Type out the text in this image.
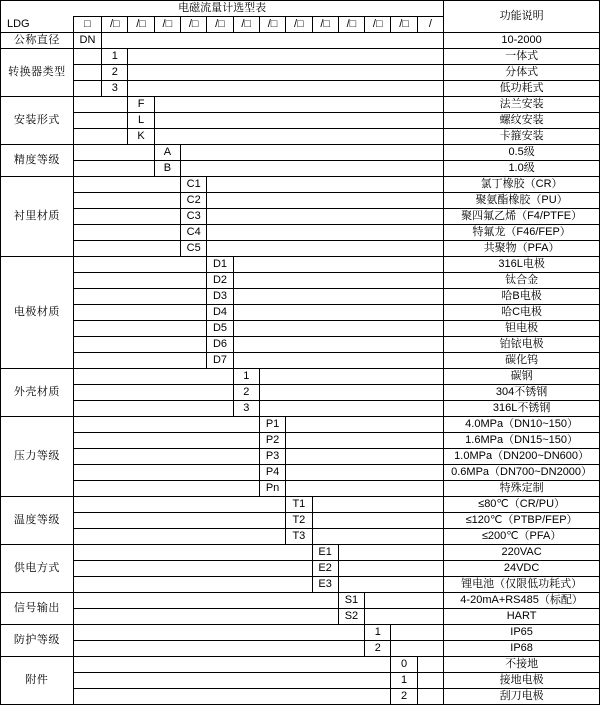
电磁流量计选型表															功能说明
LDG	□	/□	/□	/□	/□	/□	/□	/□	/□	/□	/□	/□	/□	/	
公称直径	DN														10-2000
转换器类型		1													一体式
		2													分体式
		3													低功耗式
安装形式			F												法兰安装
			L												螺纹安装
			K												卡箍安装
精度等级				A											0.5级
				B											1.0级
衬里材质					C1										氯丁橡胶（CR）
					C2										聚氨酯橡胶（PU）
					C3										聚四氟乙烯（F4/PTFE）
					C4										特氟龙（F46/FEP）
					C5										共聚物（PFA）
电极材质						D1									316L电极
						D2									钛合金
						D3									哈B电极
						D4									哈C电极
						D5									钽电极
						D6									铂铱电极
						D7									碳化钨
外壳材质							1								碳钢
							2								304不锈钢
							3								316L不锈钢
压力等级								P1							4.0MPa（DN10~150）
								P2							1.6MPa（DN15~150）
								P3							1.0MPa（DN200~DN600）
								P4							0.6MPa（DN700~DN2000）
								Pn							特殊定制
温度等级									T1						≤80℃（CR/PU）
									T2						≤120℃（PTBP/FEP）
									T3						≤200℃（PFA）
供电方式										E1					220VAC
										E2					24VDC
										E3					锂电池（仅限低功耗式）
信号输出											S1				4-20mA+RS485（标配）
											S2				HART
防护等级												1			IP65
												2			IP68
附件													0		不接地
													1		接地电极
													2		刮刀电极
